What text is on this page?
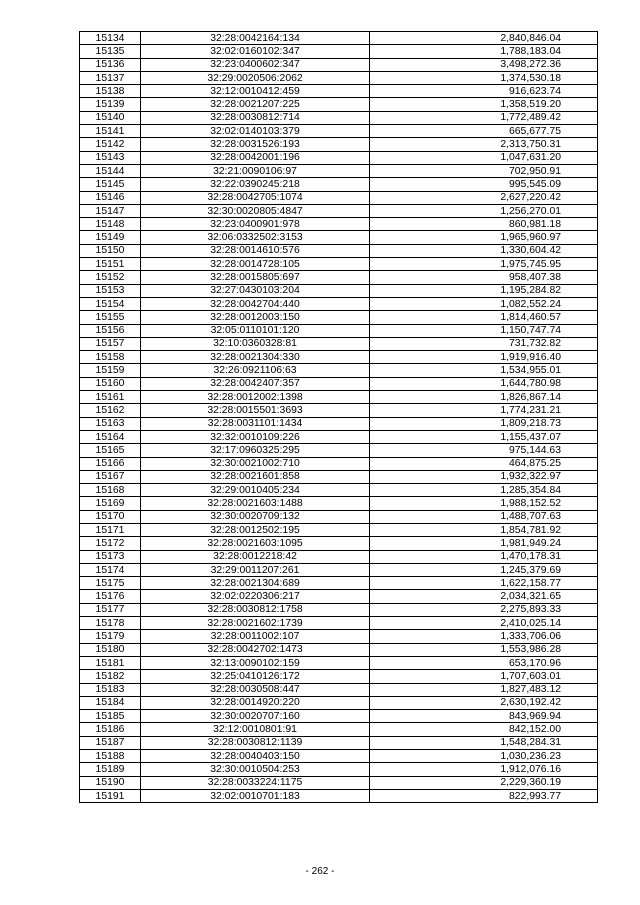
15134	32:28:0042164:134	2,840,846.04
15135	32:02:0160102:347	1,788,183.04
15136	32:23:0400602:347	3,498,272.36
15137	32:29:0020506:2062	1,374,530.18
15138	32:12:0010412:459	916,623.74
15139	32:28:0021207:225	1,358,519.20
15140	32:28:0030812:714	1,772,489.42
15141	32:02:0140103:379	665,677.75
15142	32:28:0031526:193	2,313,750.31
15143	32:28:0042001:196	1,047,631.20
15144	32:21:0090106:97	702,950.91
15145	32:22:0390245:218	995,545.09
15146	32:28:0042705:1074	2,627,220.42
15147	32:30:0020805:4847	1,256,270.01
15148	32:23:0400901:978	860,981.18
15149	32:06:0332502:3153	1,965,960.97
15150	32:28:0014610:576	1,330,604.42
15151	32:28:0014728:105	1,975,745.95
15152	32:28:0015805:697	958,407.38
15153	32:27:0430103:204	1,195,284.82
15154	32:28:0042704:440	1,082,552.24
15155	32:28:0012003:150	1,814,460.57
15156	32:05:0110101:120	1,150,747.74
15157	32:10:0360328:81	731,732.82
15158	32:28:0021304:330	1,919,916.40
15159	32:26:0921106:63	1,534,955.01
15160	32:28:0042407:357	1,644,780.98
15161	32:28:0012002:1398	1,826,867.14
15162	32:28:0015501:3693	1,774,231.21
15163	32:28:0031101:1434	1,809,218.73
15164	32:32:0010109:226	1,155,437.07
15165	32:17:0960325:295	975,144.63
15166	32:30:0021002:710	464,875.25
15167	32:28:0021601:858	1,932,322.97
15168	32:29:0010405:234	1,285,354.84
15169	32:28:0021603:1488	1,988,152.52
15170	32:30:0020709:132	1,488,707.63
15171	32:28:0012502:195	1,854,781.92
15172	32:28:0021603:1095	1,981,949.24
15173	32:28:0012218:42	1,470,178.31
15174	32:29:0011207:261	1,245,379.69
15175	32:28:0021304:689	1,622,158.77
15176	32:02:0220306:217	2,034,321.65
15177	32:28:0030812:1758	2,275,893.33
15178	32:28:0021602:1739	2,410,025.14
15179	32:28:0011002:107	1,333,706.06
15180	32:28:0042702:1473	1,553,986.28
15181	32:13:0090102:159	653,170.96
15182	32:25:0410126:172	1,707,603.01
15183	32:28:0030508:447	1,827,483.12
15184	32:28:0014920:220	2,630,192.42
15185	32:30:0020707:160	843,969.94
15186	32:12:0010801:91	842,152.00
15187	32:28:0030812:1139	1,548,284.31
15188	32:28:0040403:150	1,030,236.23
15189	32:30:0010504:253	1,912,076.16
15190	32:28:0033224:1175	2,229,360.19
15191	32:02:0010701:183	822,993.77
- 262 -
